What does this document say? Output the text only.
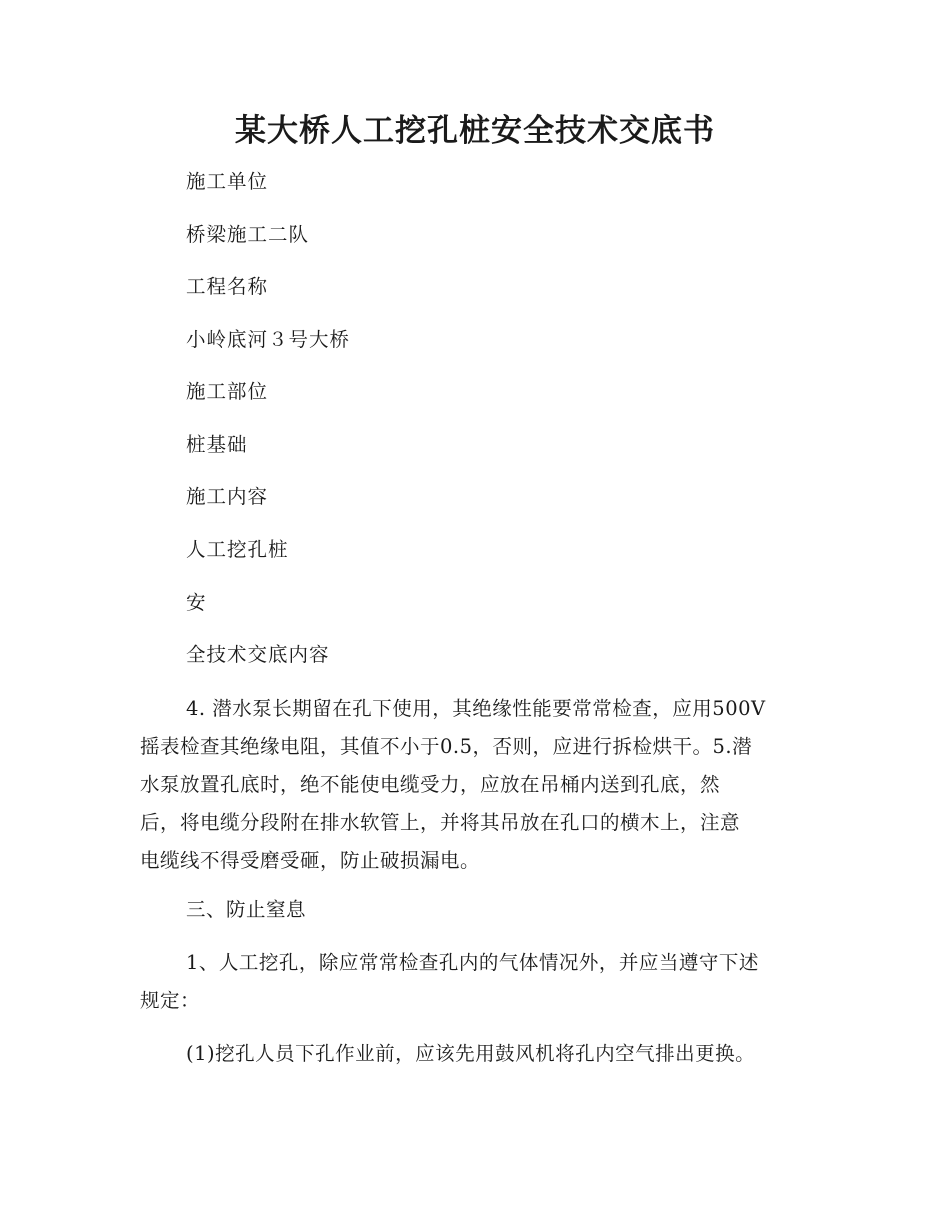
某大桥人工挖孔桩安全技术交底书
施工单位
桥梁施工二队
工程名称
小岭底河３号大桥
施工部位
桩基础
施工内容
人工挖孔桩
安
全技术交底内容
4. 潜水泵长期留在孔下使用，其绝缘性能要常常检查，应用500V
摇表检查其绝缘电阻，其值不小于0.5，否则，应进行拆检烘干。5.潜
水泵放置孔底时，绝不能使电缆受力，应放在吊桶内送到孔底，然
后，将电缆分段附在排水软管上，并将其吊放在孔口的横木上，注意
电缆线不得受磨受砸，防止破损漏电。
三、防止窒息
1、人工挖孔，除应常常检查孔内的气体情况外，并应当遵守下述
规定：
(1)挖孔人员下孔作业前，应该先用鼓风机将孔内空气排出更换。
